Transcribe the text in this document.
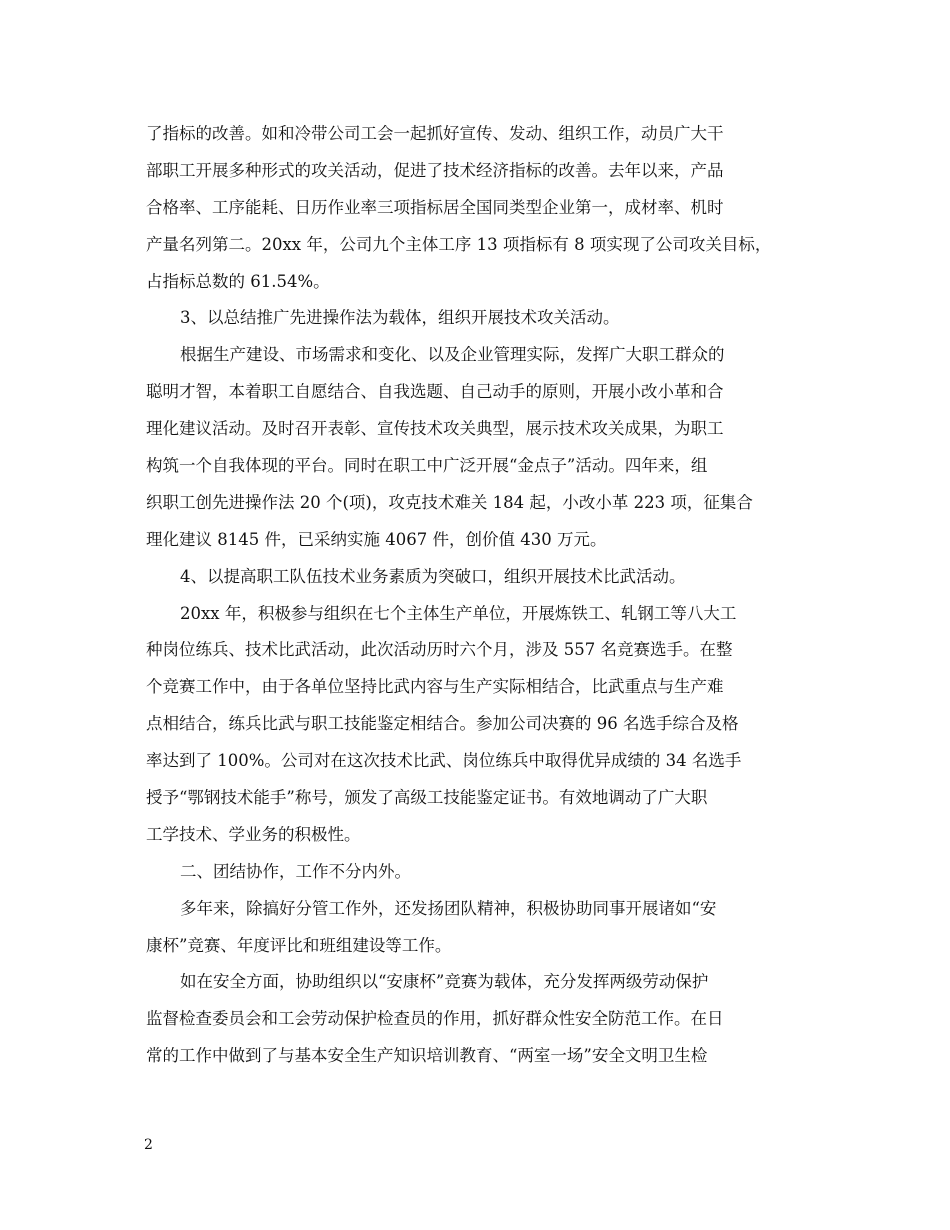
了指标的改善。如和冷带公司工会一起抓好宣传、发动、组织工作，动员广大干
部职工开展多种形式的攻关活动，促进了技术经济指标的改善。去年以来，产品
合格率、工序能耗、日历作业率三项指标居全国同类型企业第一，成材率、机时
产量名列第二。20xx 年，公司九个主体工序 13 项指标有 8 项实现了公司攻关目标，
占指标总数的 61.54%。
3、以总结推广先进操作法为载体，组织开展技术攻关活动。
根据生产建设、市场需求和变化、以及企业管理实际，发挥广大职工群众的
聪明才智，本着职工自愿结合、自我选题、自己动手的原则，开展小改小革和合
理化建议活动。及时召开表彰、宣传技术攻关典型，展示技术攻关成果，为职工
构筑一个自我体现的平台。同时在职工中广泛开展“金点子”活动。四年来，组
织职工创先进操作法 20 个(项)，攻克技术难关 184 起，小改小革 223 项，征集合
理化建议 8145 件，已采纳实施 4067 件，创价值 430 万元。
4、以提高职工队伍技术业务素质为突破口，组织开展技术比武活动。
20xx 年，积极参与组织在七个主体生产单位，开展炼铁工、轧钢工等八大工
种岗位练兵、技术比武活动，此次活动历时六个月，涉及 557 名竞赛选手。在整
个竞赛工作中，由于各单位坚持比武内容与生产实际相结合，比武重点与生产难
点相结合，练兵比武与职工技能鉴定相结合。参加公司决赛的 96 名选手综合及格
率达到了 100%。公司对在这次技术比武、岗位练兵中取得优异成绩的 34 名选手
授予“鄂钢技术能手”称号，颁发了高级工技能鉴定证书。有效地调动了广大职
工学技术、学业务的积极性。
二、团结协作，工作不分内外。
多年来，除搞好分管工作外，还发扬团队精神，积极协助同事开展诸如“安
康杯”竞赛、年度评比和班组建设等工作。
如在安全方面，协助组织以“安康杯”竞赛为载体，充分发挥两级劳动保护
监督检查委员会和工会劳动保护检查员的作用，抓好群众性安全防范工作。在日
常的工作中做到了与基本安全生产知识培训教育、“两室一场”安全文明卫生检
2
